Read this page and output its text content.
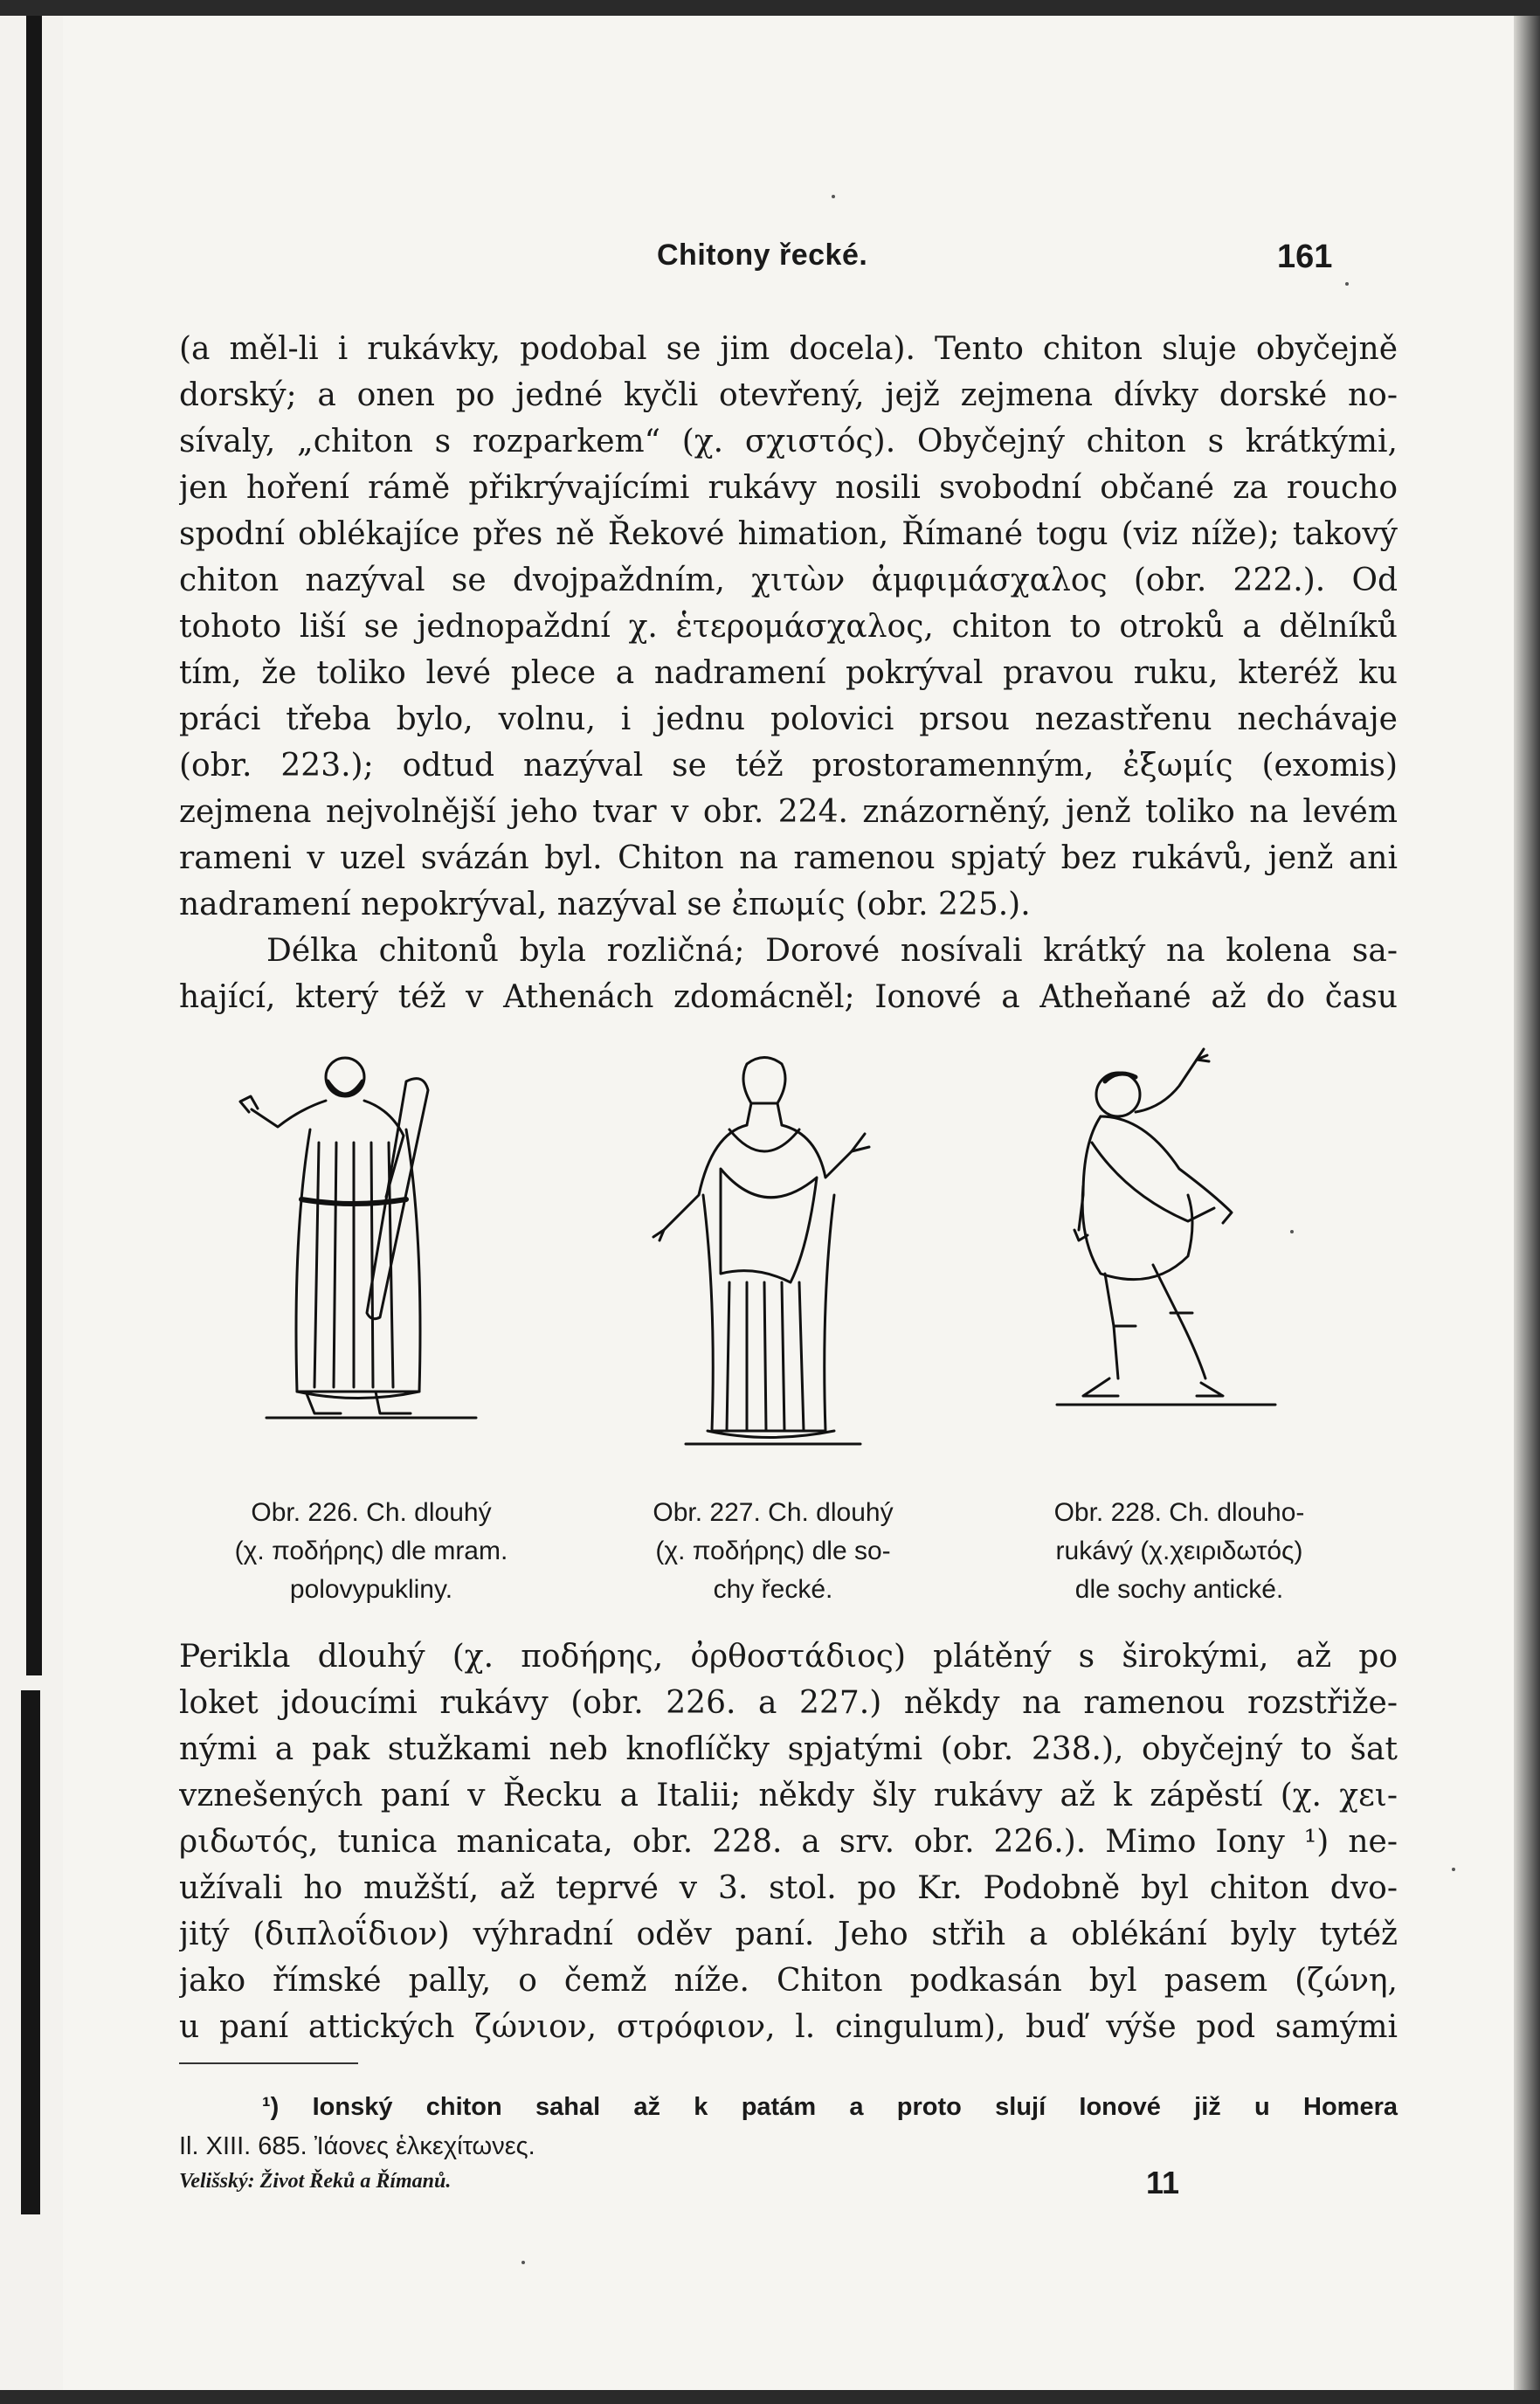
Chitony řecké.	161
(a měl-li i rukávky, podobal se jim docela). Tento chiton sluje obyčejně
dorský; a onen po jedné kyčli otevřený, jejž zejmena dívky dorské no-
sívaly, „chiton s rozparkem“ (χ. σχιστός). Obyčejný chiton s krátkými,
jen hoření rámě přikrývajícími rukávy nosili svobodní občané za roucho
spodní oblékajíce přes ně Řekové himation, Římané togu (viz níže); takový
chiton nazýval se dvojpaždním, χιτὼν ἀμφιμάσχαλος (obr. 222.). Od
tohoto liší se jednopaždní χ. ἑτερομάσχαλος, chiton to otroků a dělníků
tím, že toliko levé plece a nadramení pokrýval pravou ruku, kteréž ku
práci třeba bylo, volnu, i jednu polovici prsou nezastřenu nechávaje
(obr. 223.); odtud nazýval se též prostoramenným, ἐξωμίς (exomis)
zejmena nejvolnější jeho tvar v obr. 224. znázorněný, jenž toliko na levém
rameni v uzel svázán byl. Chiton na ramenou spjatý bez rukávů, jenž ani
nadramení nepokrýval, nazýval se ἐπωμίς (obr. 225.).
Délka chitonů byla rozličná; Dorové nosívali krátký na kolena sa-
hající, který též v Athenách zdomácněl; Ionové a Atheňané až do času
Obr. 226. Ch. dlouhý
(χ. ποδήρης) dle mram.
polovypukliny.
Obr. 227. Ch. dlouhý
(χ. ποδήρης) dle so-
chy řecké.
Obr. 228. Ch. dlouho-
rukávý (χ.χειριδωτός)
dle sochy antické.
Perikla dlouhý (χ. ποδήρης, ὀρθοστάδιος) plátěný s širokými, až po
loket jdoucími rukávy (obr. 226. a 227.) někdy na ramenou rozstřiže-
nými a pak stužkami neb knoflíčky spjatými (obr. 238.), obyčejný to šat
vznešených paní v Řecku a Italii; někdy šly rukávy až k zápěstí (χ. χει-
ριδωτός, tunica manicata, obr. 228. a srv. obr. 226.). Mimo Iony ¹) ne-
užívali ho mužští, až teprvé v 3. stol. po Kr. Podobně byl chiton dvo-
jitý (διπλοΐδιον) výhradní oděv paní. Jeho střih a oblékání byly tytéž
jako římské pally, o čemž níže. Chiton podkasán byl pasem (ζώνη,
u paní attických ζώνιον, στρόφιον, l. cingulum), buď výše pod samými
¹) Ionský chiton sahal až k patám a proto slují Ionové již u Homera
Il. XIII. 685. Ἰάονες ἑλκεχίτωνες.
Velišský: Život Řeků a Římanů.	11
